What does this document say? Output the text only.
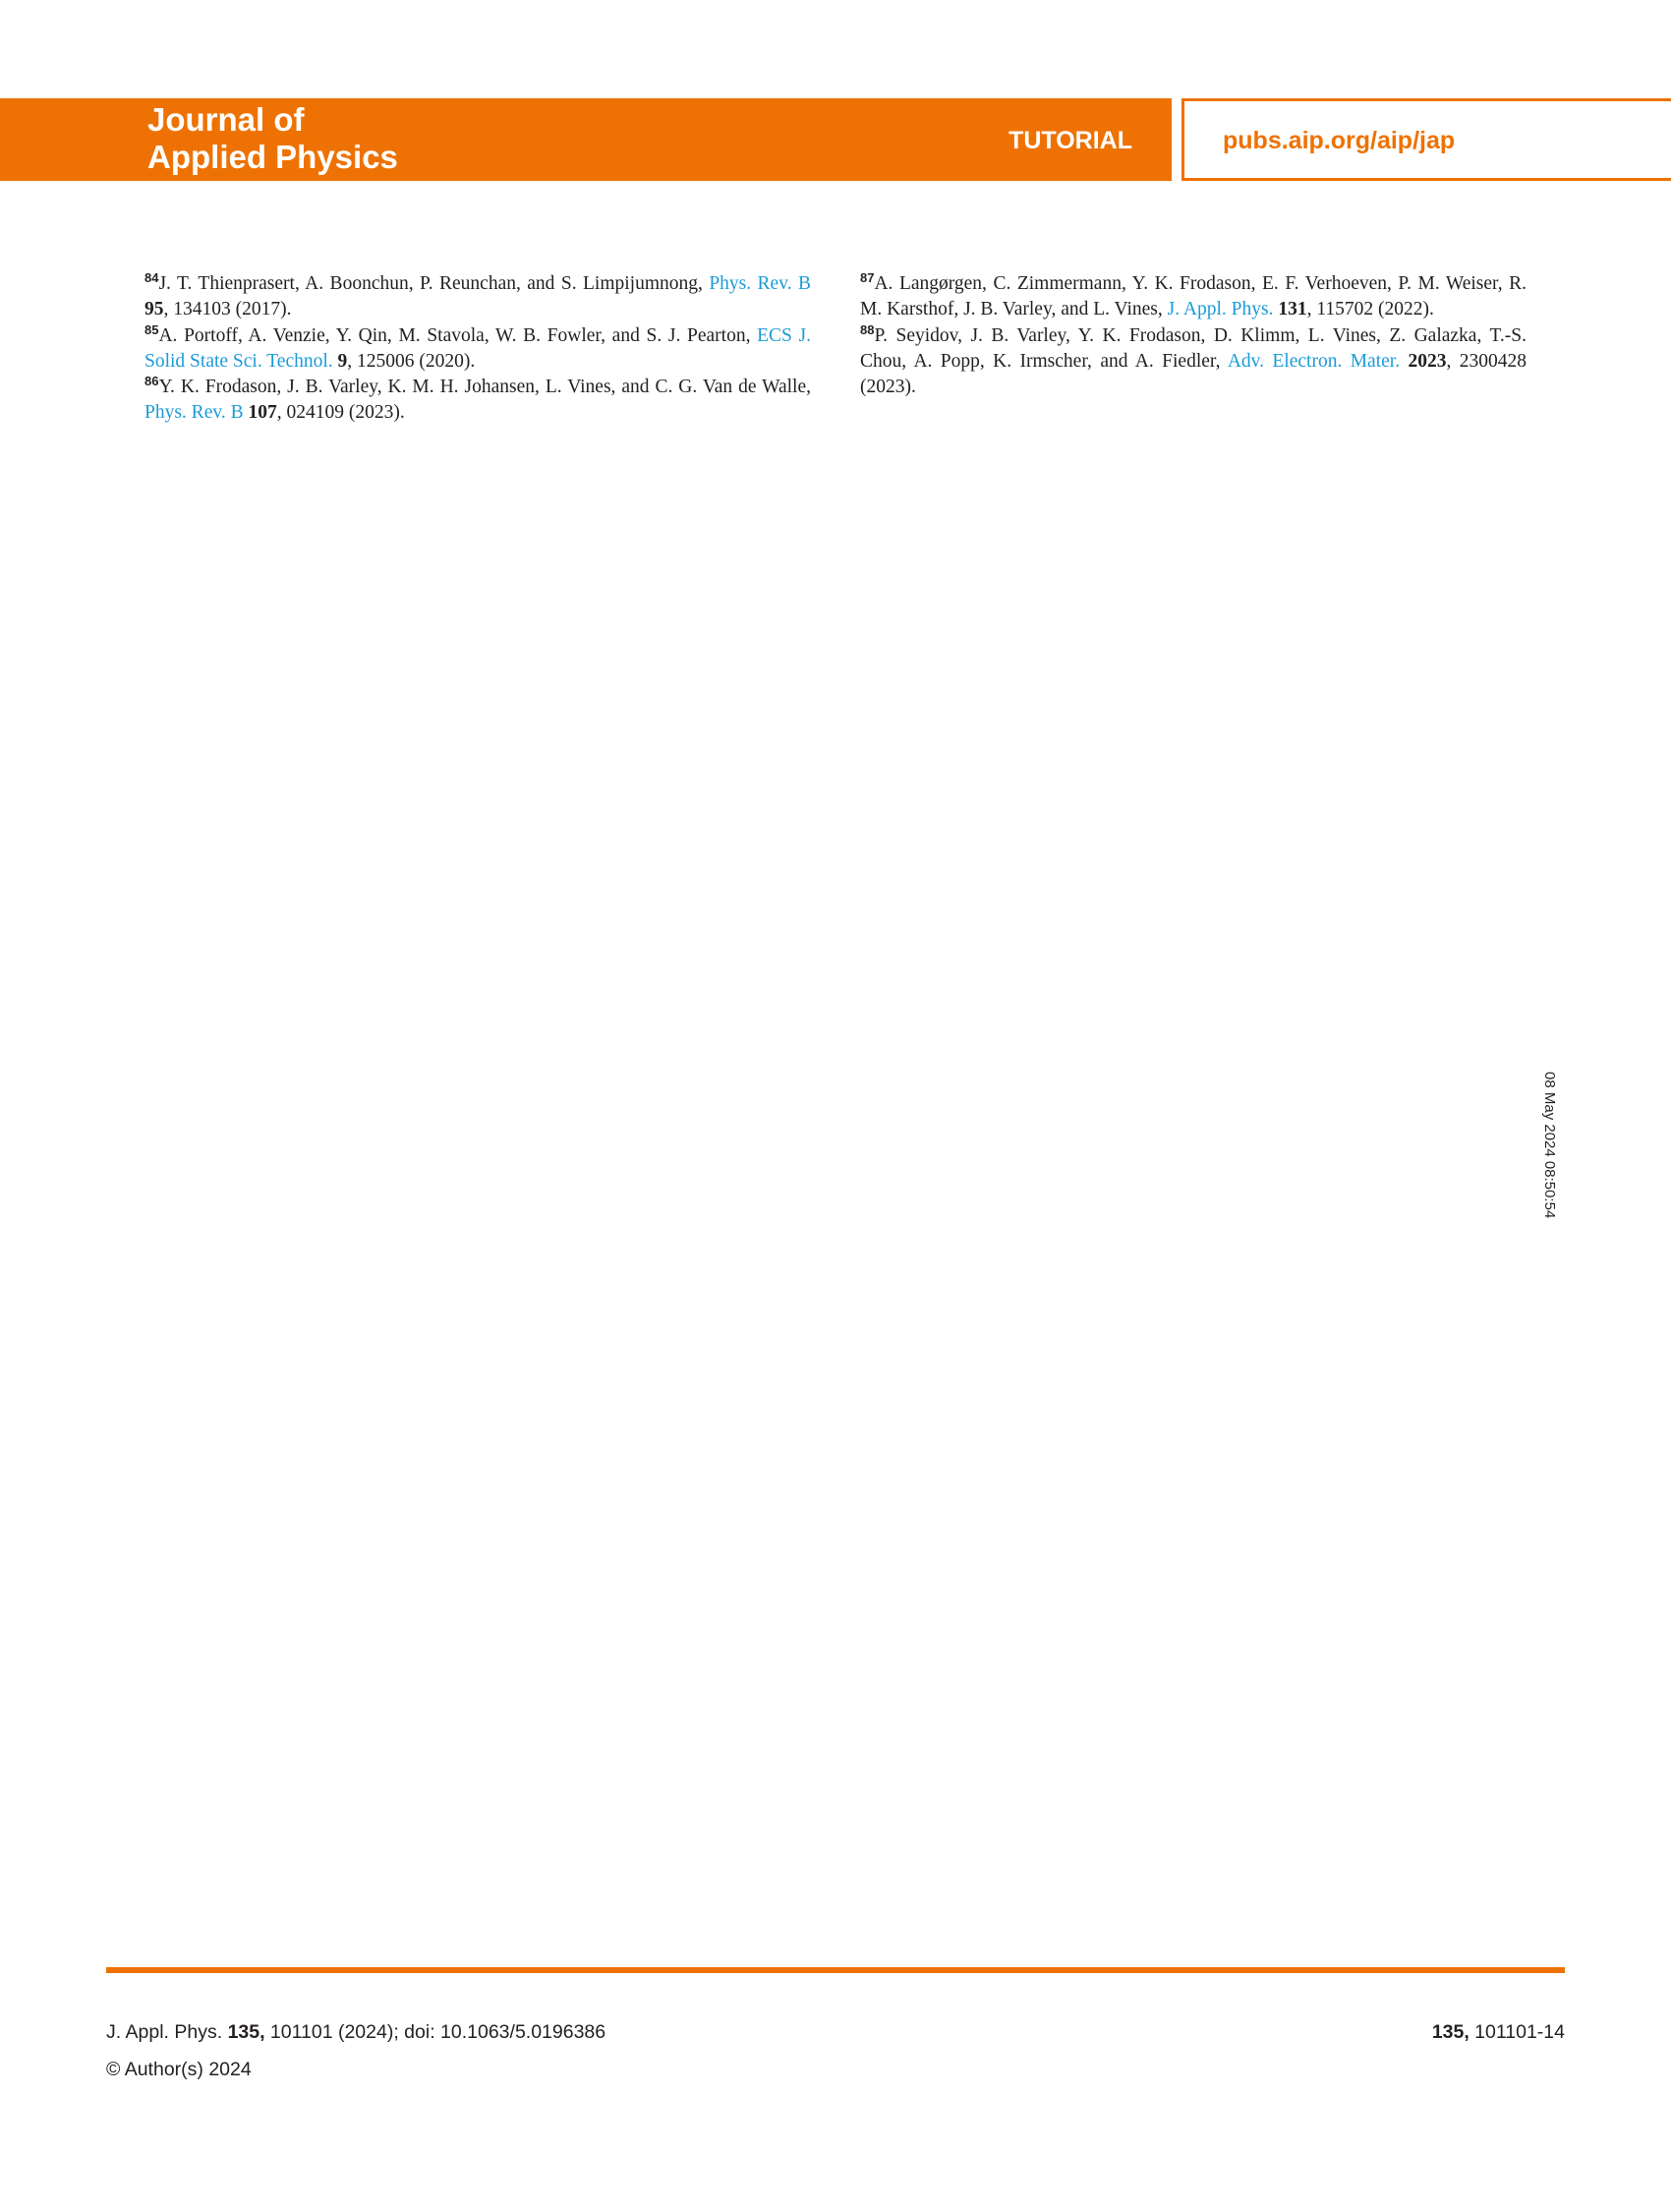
Journal of
Applied Physics	TUTORIAL	pubs.aip.org/aip/jap

$^{84}$J. T. Thienprasert, A. Boonchun, P. Reunchan, and S. Limpijumnong, Phys. Rev. B 95, 134103 (2017).

$^{85}$A. Portoff, A. Venzie, Y. Qin, M. Stavola, W. B. Fowler, and S. J. Pearton, ECS J. Solid State Sci. Technol. 9, 125006 (2020).

$^{86}$Y. K. Frodason, J. B. Varley, K. M. H. Johansen, L. Vines, and C. G. Van de Walle, Phys. Rev. B 107, 024109 (2023).

$^{87}$A. Langørgen, C. Zimmermann, Y. K. Frodason, E. F. Verhoeven, P. M. Weiser, R. M. Karsthof, J. B. Varley, and L. Vines, J. Appl. Phys. 131, 115702 (2022).

$^{88}$P. Seyidov, J. B. Varley, Y. K. Frodason, D. Klimm, L. Vines, Z. Galazka, T.-S. Chou, A. Popp, K. Irmscher, and A. Fiedler, Adv. Electron. Mater. 2023, 2300428 (2023).

08 May 2024 08:50:54
J. Appl. Phys. 135, 101101 (2024); doi: 10.1063/5.0196386
© Author(s) 2024
135, 101101-14
